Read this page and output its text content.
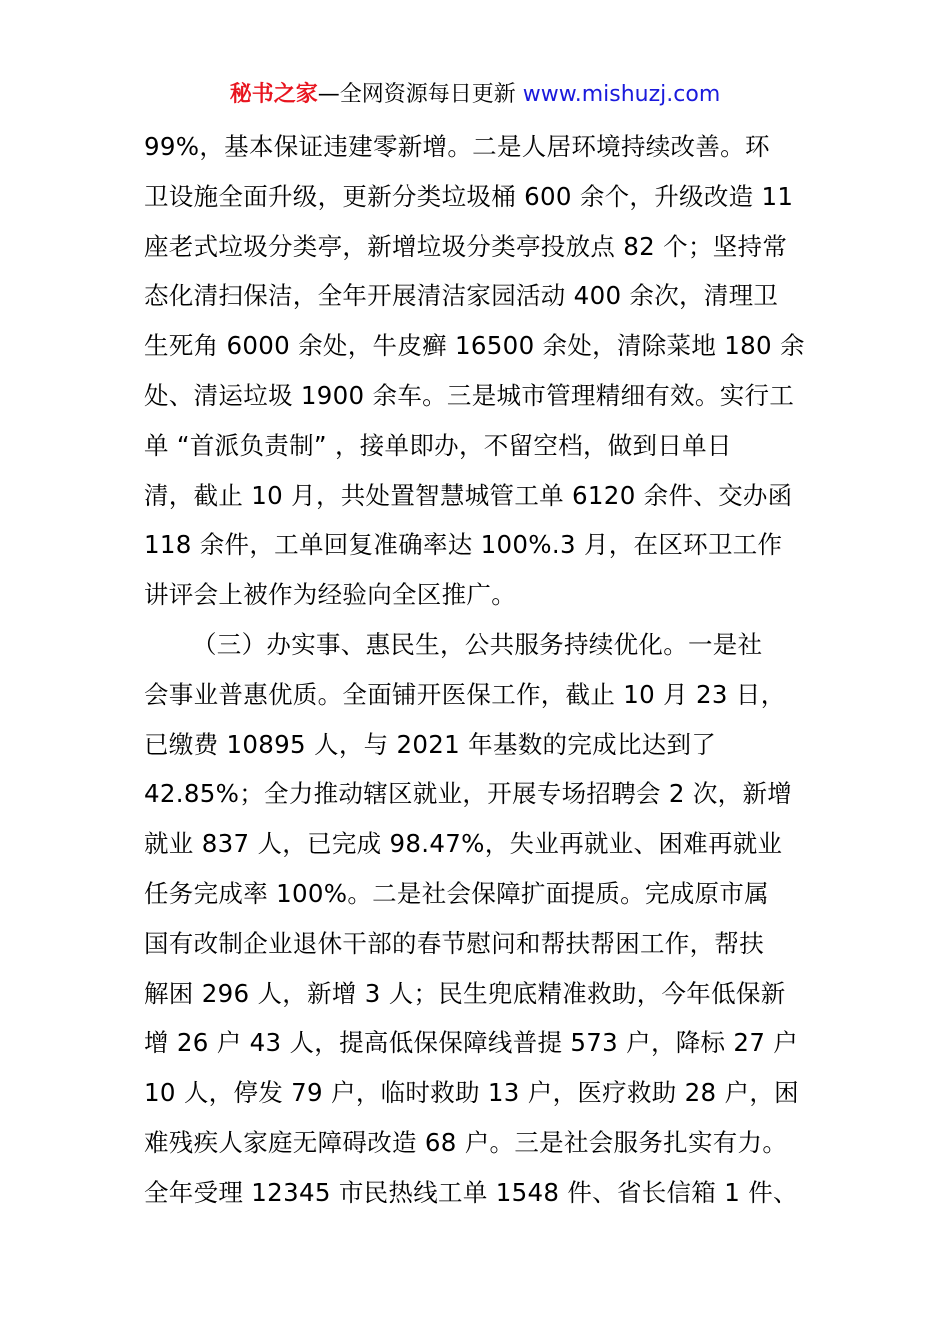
秘书之家—全网资源每日更新 www.mishuzj.com
99%，基本保证违建零新增。二是人居环境持续改善。环
卫设施全面升级，更新分类垃圾桶 600 余个，升级改造 11
座老式垃圾分类亭，新增垃圾分类亭投放点 82 个；坚持常
态化清扫保洁，全年开展清洁家园活动 400 余次，清理卫
生死角 6000 余处，牛皮癣 16500 余处，清除菜地 180 余
处、清运垃圾 1900 余车。三是城市管理精细有效。实行工
单 “首派负责制” ，接单即办，不留空档，做到日单日
清，截止 10 月，共处置智慧城管工单 6120 余件、交办函
118 余件，工单回复准确率达 100%.3 月，在区环卫工作
讲评会上被作为经验向全区推广。
（三）办实事、惠民生，公共服务持续优化。一是社
会事业普惠优质。全面铺开医保工作，截止 10 月 23 日，
已缴费 10895 人，与 2021 年基数的完成比达到了
42.85%；全力推动辖区就业，开展专场招聘会 2 次，新增
就业 837 人，已完成 98.47%，失业再就业、困难再就业
任务完成率 100%。二是社会保障扩面提质。完成原市属
国有改制企业退休干部的春节慰问和帮扶帮困工作，帮扶
解困 296 人，新增 3 人；民生兜底精准救助，今年低保新
增 26 户 43 人，提高低保保障线普提 573 户，降标 27 户
10 人，停发 79 户，临时救助 13 户，医疗救助 28 户，困
难残疾人家庭无障碍改造 68 户。三是社会服务扎实有力。
全年受理 12345 市民热线工单 1548 件、省长信箱 1 件、
